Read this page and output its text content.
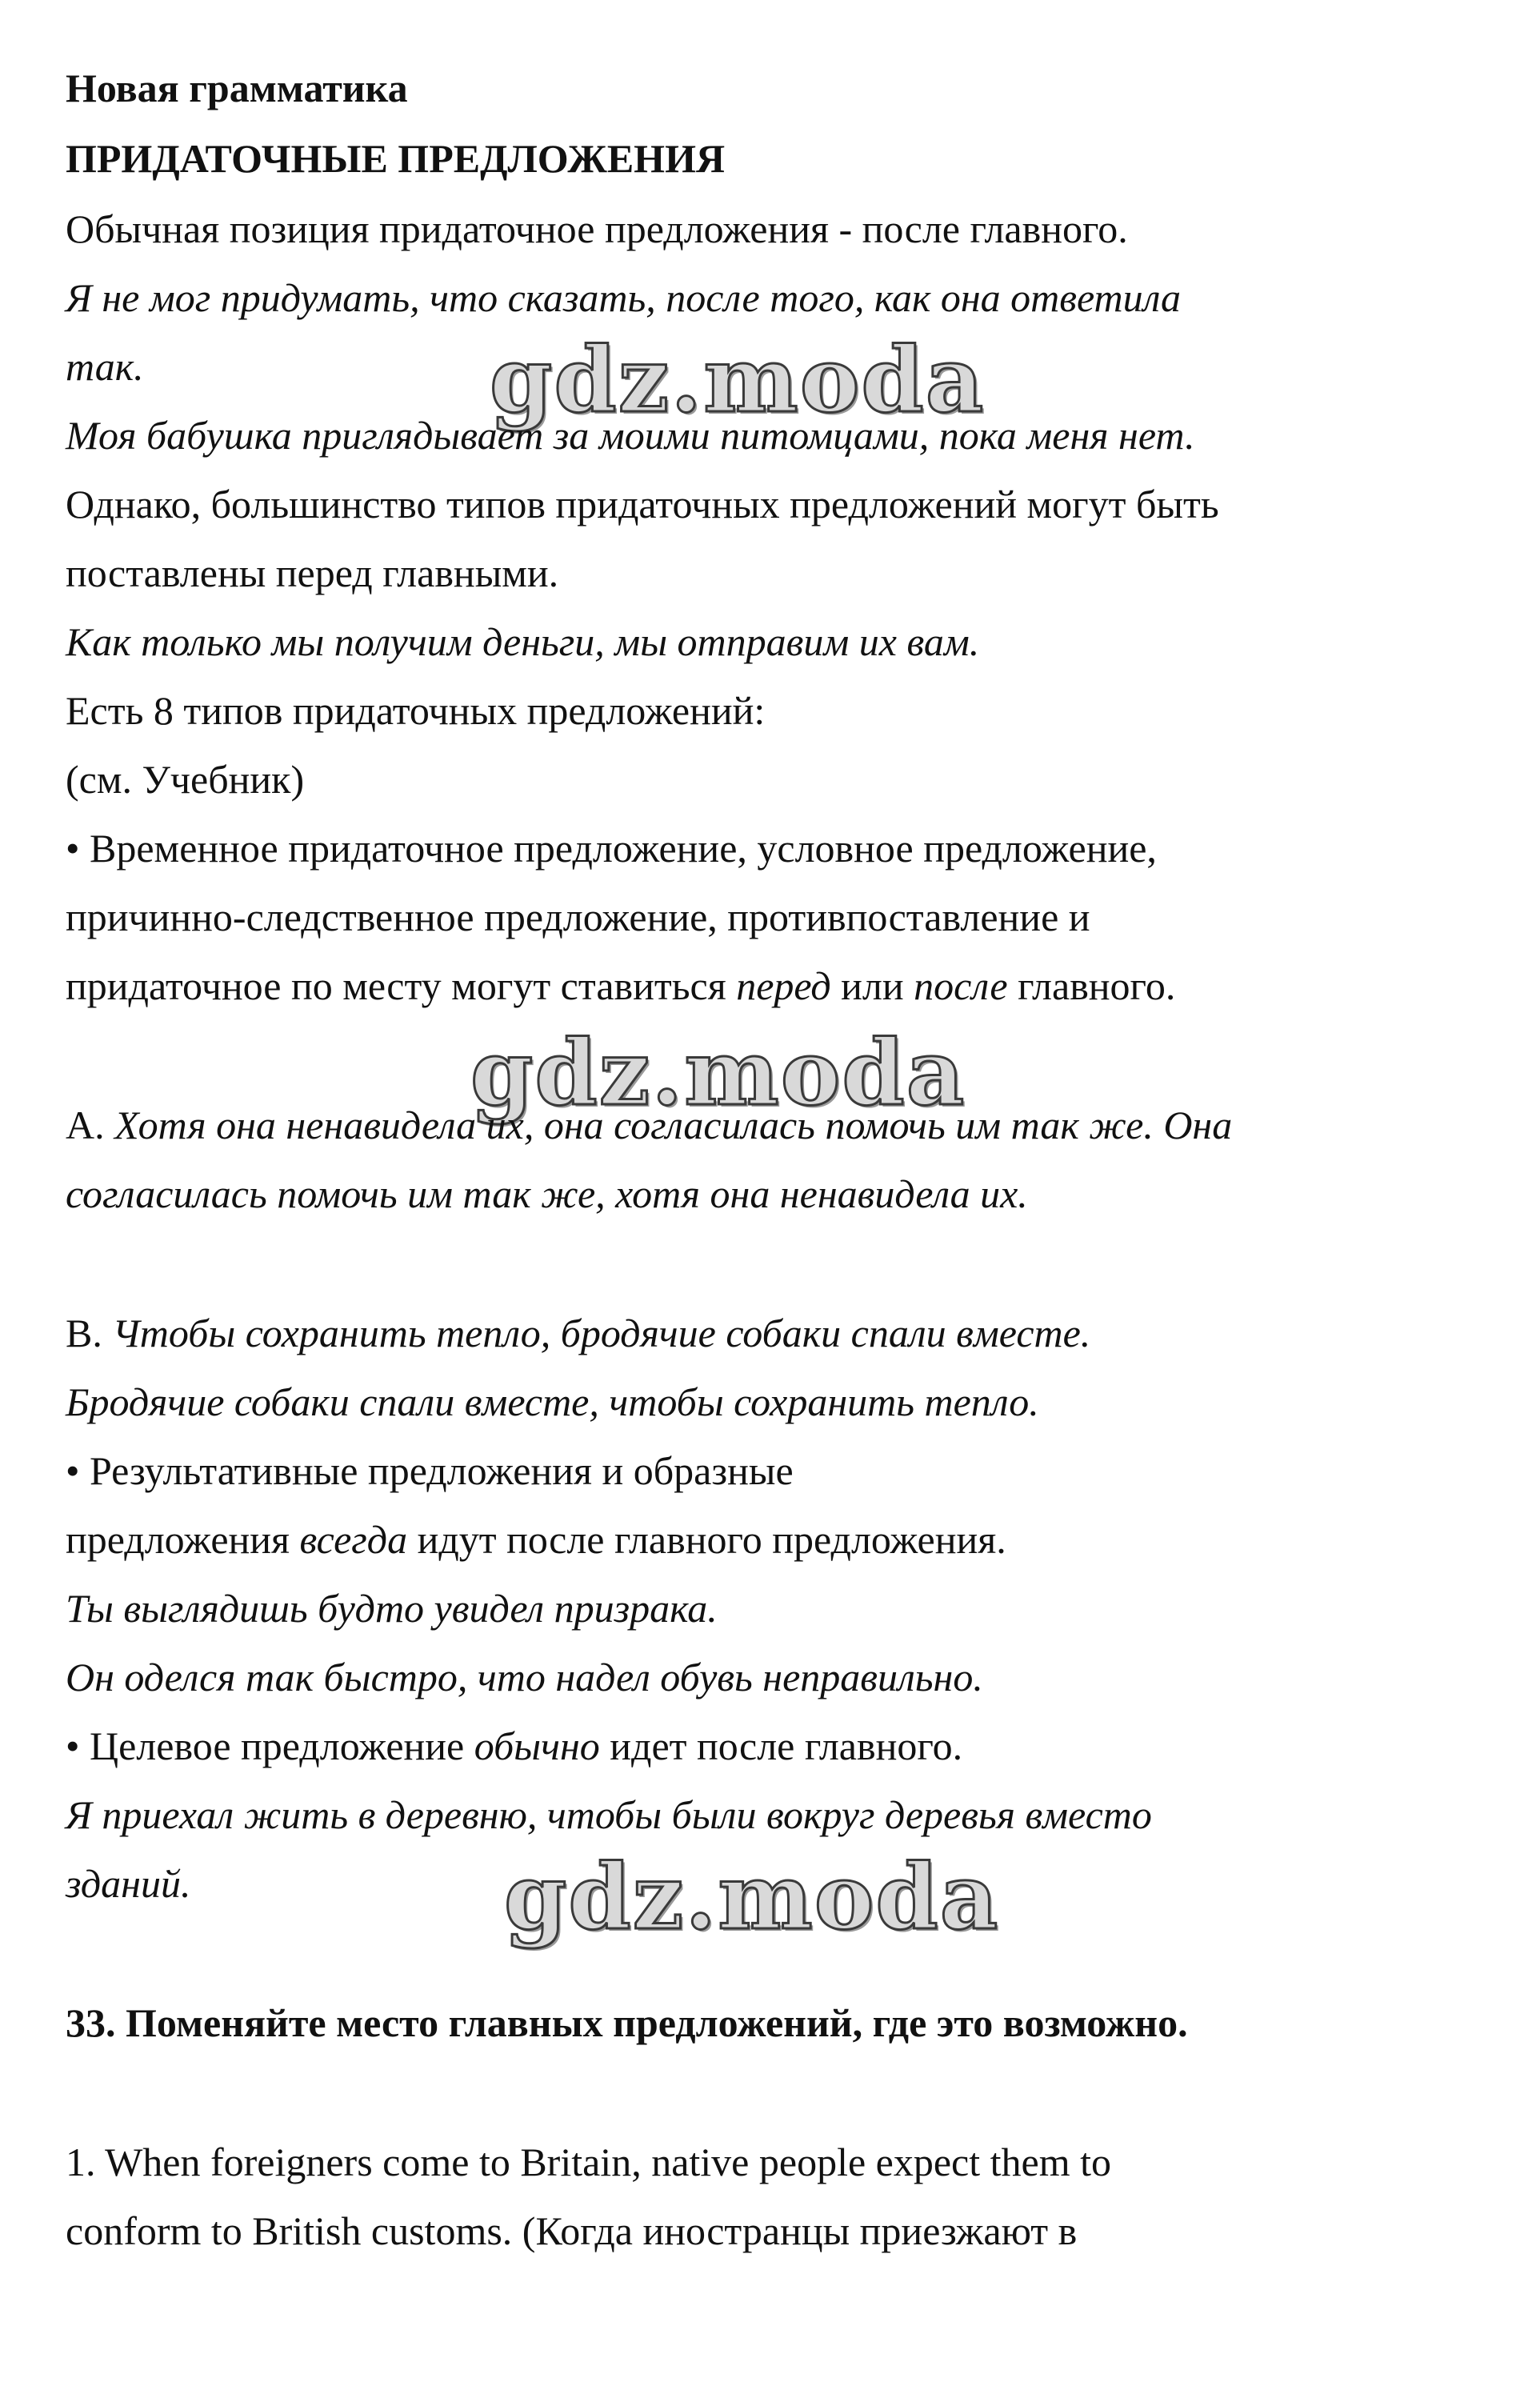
Новая грамматика
ПРИДАТОЧНЫЕ ПРЕДЛОЖЕНИЯ
Обычная позиция придаточное предложения - после главного.
Я не мог придумать, что сказать, после того, как она ответила
так.	gdz.moda
Моя бабушка приглядывает за моими питомцами, пока меня нет.
Однако, большинство типов придаточных предложений могут быть
поставлены перед главными.
Как только мы получим деньги, мы отправим их вам.
Есть 8 типов придаточных предложений:
(см. Учебник)
• Временное придаточное предложение, условное предложение,
причинно-следственное предложение, противпоставление и
придаточное по месту могут ставиться перед или после главного.
gdz.moda
A. Хотя она ненавидела их, она согласилась помочь им так же. Она
согласилась помочь им так же, хотя она ненавидела их.
B. Чтобы сохранить тепло, бродячие собаки спали вместе.
Бродячие собаки спали вместе, чтобы сохранить тепло.
• Результативные предложения и образные
предложения всегда идут после главного предложения.
Ты выглядишь будто увидел призрака.
Он оделся так быстро, что надел обувь неправильно.
• Целевое предложение обычно идет после главного.
Я приехал жить в деревню, чтобы были вокруг деревья вместо
зданий.	gdz.moda
33. Поменяйте место главных предложений, где это возможно.
1. When foreigners come to Britain, native people expect them to
conform to British customs. (Когда иностранцы приезжают в
